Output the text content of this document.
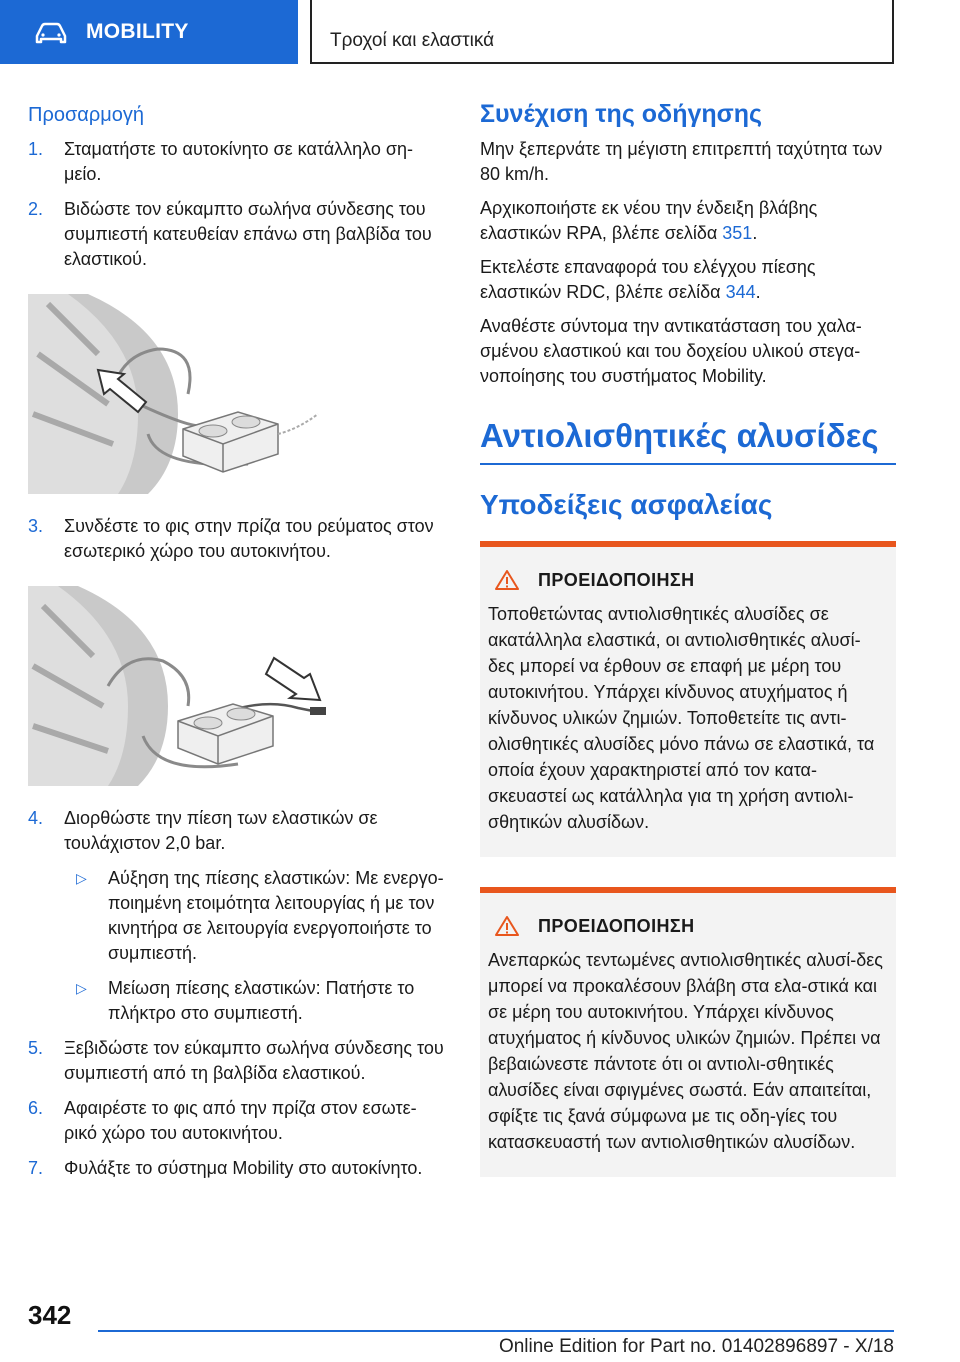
MOBILITY	Τροχοί και ελαστικά
Προσαρμογή
1. Σταματήστε το αυτοκίνητο σε κατάλληλο ση-μείο.
2. Βιδώστε τον εύκαμπτο σωλήνα σύνδεσης του συμπιεστή κατευθείαν επάνω στη βαλβίδα του ελαστικού.
3. Συνδέστε το φις στην πρίζα του ρεύματος στον εσωτερικό χώρο του αυτοκινήτου.
4. Διορθώστε την πίεση των ελαστικών σε τουλάχιστον 2,0 bar.
▷ Αύξηση της πίεσης ελαστικών: Με ενεργο-ποιημένη ετοιμότητα λειτουργίας ή με τον κινητήρα σε λειτουργία ενεργοποιήστε το συμπιεστή.
▷ Μείωση πίεσης ελαστικών: Πατήστε το πλήκτρο στο συμπιεστή.
5. Ξεβιδώστε τον εύκαμπτο σωλήνα σύνδεσης του συμπιεστή από τη βαλβίδα ελαστικού.
6. Αφαιρέστε το φις από την πρίζα στον εσωτε-ρικό χώρο του αυτοκινήτου.
7. Φυλάξτε το σύστημα Mobility στο αυτοκίνητο.
Συνέχιση της οδήγησης

Μην ξεπερνάτε τη μέγιστη επιτρεπτή ταχύτητα των 80 km/h.

Αρχικοποιήστε εκ νέου την ένδειξη βλάβης ελαστικών RPA, βλέπε σελίδα 351.

Εκτελέστε επαναφορά του ελέγχου πίεσης ελαστικών RDC, βλέπε σελίδα 344.

Αναθέστε σύντομα την αντικατάσταση του χαλα-σμένου ελαστικού και του δοχείου υλικού στεγα-νοποίησης του συστήματος Mobility.

Αντιολισθητικές αλυσίδες
Υποδείξεις ασφαλείας
ΠΡΟΕΙΔΟΠΟΙΗΣΗ
Τοποθετώντας αντιολισθητικές αλυσίδες σε ακατάλληλα ελαστικά, οι αντιολισθητικές αλυσί-δες μπορεί να έρθουν σε επαφή με μέρη του αυτοκινήτου. Υπάρχει κίνδυνος ατυχήματος ή κίνδυνος υλικών ζημιών. Τοποθετείτε τις αντι-ολισθητικές αλυσίδες μόνο πάνω σε ελαστικά, τα οποία έχουν χαρακτηριστεί από τον κατα-σκευαστεί ως κατάλληλα για τη χρήση αντιολι-σθητικών αλυσίδων.
ΠΡΟΕΙΔΟΠΟΙΗΣΗ
Ανεπαρκώς τεντωμένες αντιολισθητικές αλυσί-δες μπορεί να προκαλέσουν βλάβη στα ελα-στικά και σε μέρη του αυτοκινήτου. Υπάρχει κίνδυνος ατυχήματος ή κίνδυνος υλικών ζημιών. Πρέπει να βεβαιώνεστε πάντοτε ότι οι αντιολι-σθητικές αλυσίδες είναι σφιγμένες σωστά. Εάν απαιτείται, σφίξτε τις ξανά σύμφωνα με τις οδη-γίες του κατασκευαστή των αντιολισθητικών αλυσίδων.
342
Online Edition for Part no. 01402896897 - X/18
